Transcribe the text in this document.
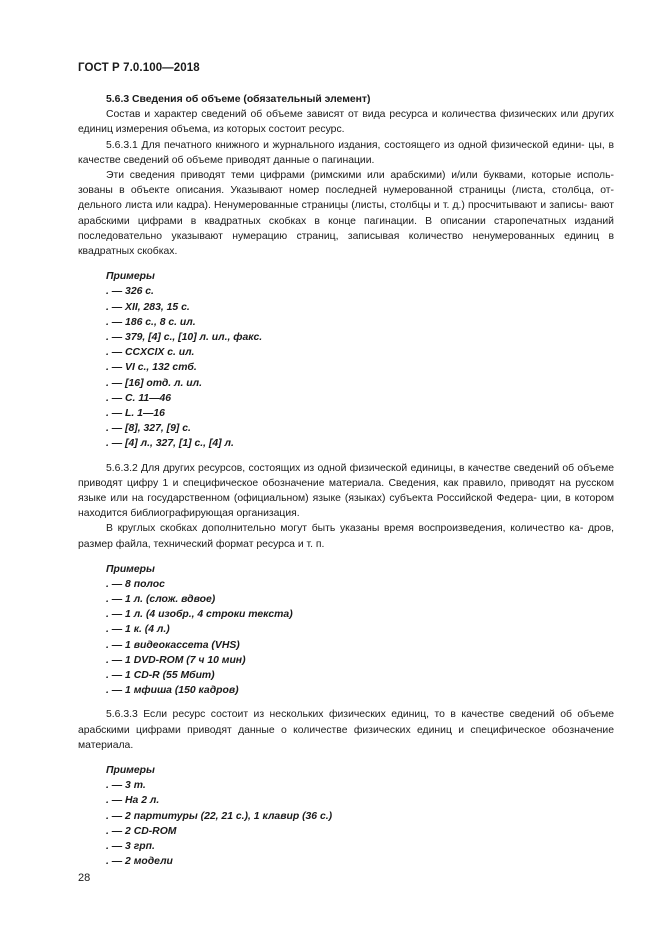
ГОСТ Р 7.0.100—2018
5.6.3 Сведения об объеме (обязательный элемент)

Состав и характер сведений об объеме зависят от вида ресурса и количества физических или других единиц измерения объема, из которых состоит ресурс.

5.6.3.1 Для печатного книжного и журнального издания, состоящего из одной физической едини- цы, в качестве сведений об объеме приводят данные о пагинации.

Эти сведения приводят теми цифрами (римскими или арабскими) и/или буквами, которые исполь- зованы в объекте описания. Указывают номер последней нумерованной страницы (листа, столбца, от- дельного листа или кадра). Ненумерованные страницы (листы, столбцы и т. д.) просчитывают и записы- вают арабскими цифрами в квадратных скобках в конце пагинации. В описании старопечатных изданий последовательно указывают нумерацию страниц, записывая количество ненумерованных единиц в квадратных скобках.

Примеры
. — 326 с.
. — XII, 283, 15 с.
. — 186 с., 8 с. ил.
. — 379, [4] с., [10] л. ил., факс.
. — CCXCIX с. ил.
. — VI с., 132 стб.
. — [16] отд. л. ил.
. — С. 11—46
. — L. 1—16
. — [8], 327, [9] с.
. — [4] л., 327, [1] с., [4] л.

5.6.3.2 Для других ресурсов, состоящих из одной физической единицы, в качестве сведений об объеме приводят цифру 1 и специфическое обозначение материала. Сведения, как правило, приводят на русском языке или на государственном (официальном) языке (языках) субъекта Российской Федера- ции, в котором находится библиографирующая организация.

В круглых скобках дополнительно могут быть указаны время воспроизведения, количество ка- дров, размер файла, технический формат ресурса и т. п.

Примеры
. — 8 полос
. — 1 л. (слож. вдвое)
. — 1 л. (4 изобр., 4 строки текста)
. — 1 к. (4 л.)
. — 1 видеокассета (VHS)
. — 1 DVD-ROM (7 ч 10 мин)
. — 1 CD-R (55 Мбит)
. — 1 мфиша (150 кадров)

5.6.3.3 Если ресурс состоит из нескольких физических единиц, то в качестве сведений об объеме арабскими цифрами приводят данные о количестве физических единиц и специфическое обозначение материала.

Примеры
. — 3 т.
. — На 2 л.
. — 2 партитуры (22, 21 с.), 1 клавир (36 с.)
. — 2 CD-ROM
. — 3 грп.
. — 2 модели
28
